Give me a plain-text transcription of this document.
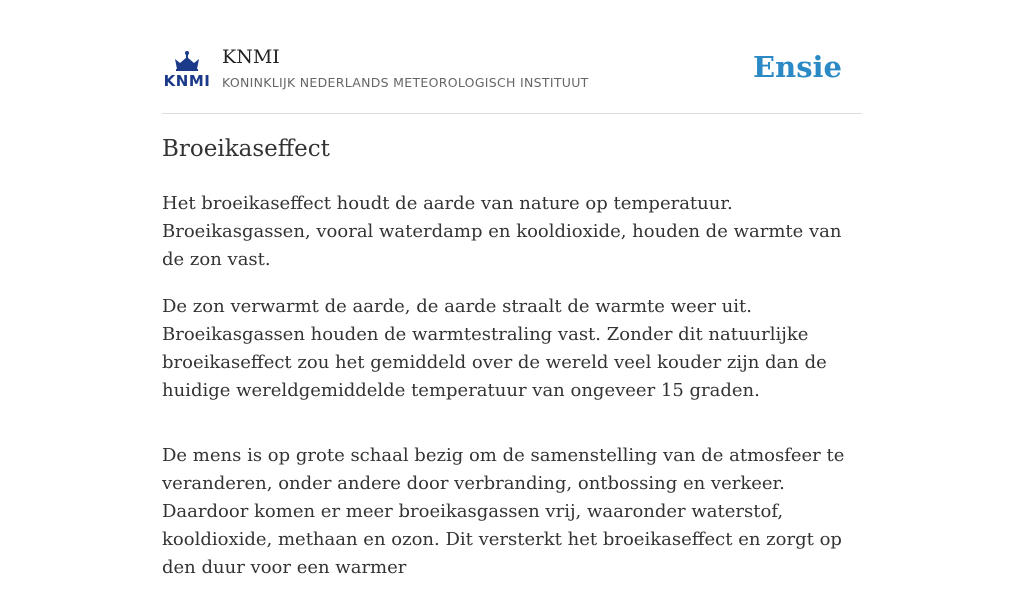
KNMI
KNMI
KONINKLIJK NEDERLANDS METEOROLOGISCH INSTITUUT	Ensie
Broeikaseffect

Het broeikaseffect houdt de aarde van nature op temperatuur. Broeikasgassen, vooral waterdamp en kooldioxide, houden de warmte van de zon vast.

De zon verwarmt de aarde, de aarde straalt de warmte weer uit. Broeikasgassen houden de warmtestraling vast. Zonder dit natuurlijke broeikaseffect zou het gemiddeld over de wereld veel kouder zijn dan de huidige wereldgemiddelde temperatuur van ongeveer 15 graden.

De mens is op grote schaal bezig om de samenstelling van de atmosfeer te veranderen, onder andere door verbranding, ontbossing en verkeer. Daardoor komen er meer broeikasgassen vrij, waaronder waterstof, kooldioxide, methaan en ozon. Dit versterkt het broeikaseffect en zorgt op den duur voor een warmer
